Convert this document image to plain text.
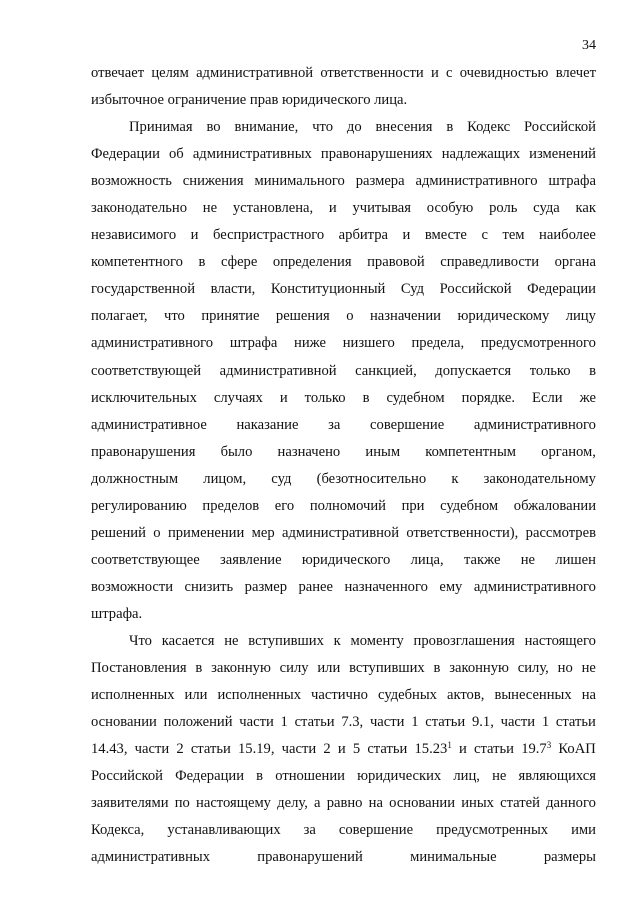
34
отвечает целям административной ответственности и с очевидностью влечет
избыточное ограничение прав юридического лица.
Принимая во внимание, что до внесения в Кодекс Российской
Федерации об административных правонарушениях надлежащих изменений
возможность снижения минимального размера административного штрафа
законодательно не установлена, и учитывая особую роль суда как
независимого и беспристрастного арбитра и вместе с тем наиболее
компетентного в сфере определения правовой справедливости органа
государственной власти, Конституционный Суд Российской Федерации
полагает, что принятие решения о назначении юридическому лицу
административного штрафа ниже низшего предела, предусмотренного
соответствующей административной санкцией, допускается только в
исключительных случаях и только в судебном порядке. Если же
административное наказание за совершение административного
правонарушения было назначено иным компетентным органом,
должностным лицом, суд (безотносительно к законодательному
регулированию пределов его полномочий при судебном обжаловании
решений о применении мер административной ответственности), рассмотрев
соответствующее заявление юридического лица, также не лишен
возможности снизить размер ранее назначенного ему административного
штрафа.
Что касается не вступивших к моменту провозглашения настоящего
Постановления в законную силу или вступивших в законную силу, но не
исполненных или исполненных частично судебных актов, вынесенных на
основании положений части 1 статьи 7.3, части 1 статьи 9.1, части 1 статьи
14.43, части 2 статьи 15.19, части 2 и 5 статьи 15.23$^1$ и статьи 19.7$^3$ КоАП
Российской Федерации в отношении юридических лиц, не являющихся
заявителями по настоящему делу, а равно на основании иных статей данного
Кодекса, устанавливающих за совершение предусмотренных ими
административных	правонарушений	минимальные	размеры
